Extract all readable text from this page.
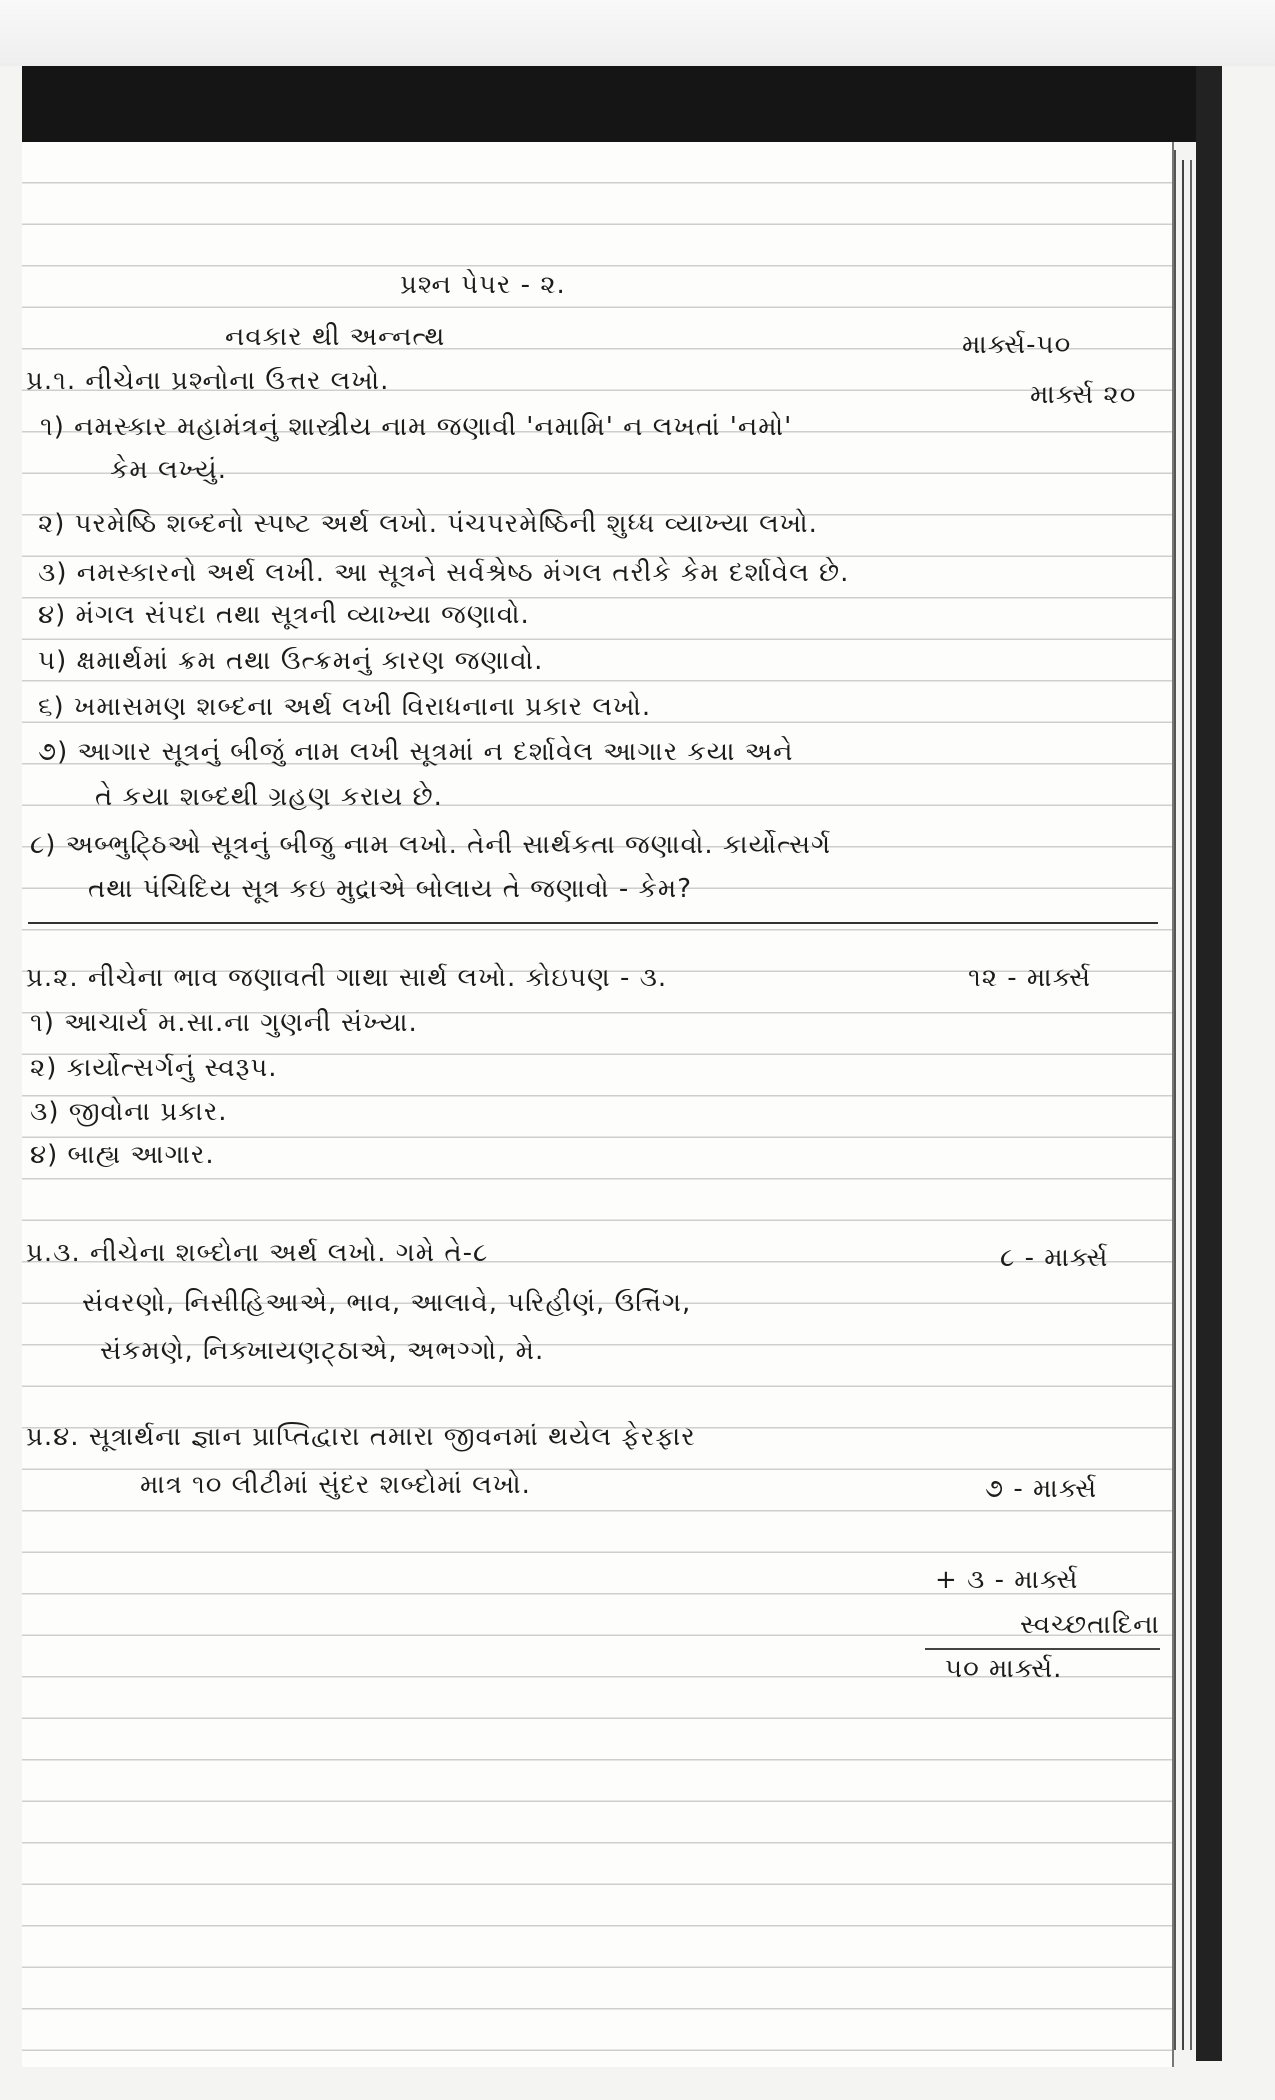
પ્રશ્ન પેપર - ૨.
નવકાર થી અન્નત્થ	માર્ક્સ-૫૦
પ્ર.૧. નીચેના પ્રશ્નોના ઉત્તર લખો.	માર્ક્સ ૨૦
૧) નમસ્કાર મહામંત્રનું શાસ્ત્રીય નામ જણાવી 'નમામિ' ન લખતાં 'નમો'
કેમ લખ્યું.
૨) પરમેષ્ઠિ શબ્દનો સ્પષ્ટ અર્થ લખો. પંચપરમેષ્ઠિની શુધ્ધ વ્યાખ્યા લખો.
૩) નમસ્કારનો અર્થ લખી. આ સૂત્રને સર્વશ્રેષ્ઠ મંગલ તરીકે કેમ દર્શાવેલ છે.
૪) મંગલ સંપદા તથા સૂત્રની વ્યાખ્યા જણાવો.
૫) ક્ષમાર્થમાં ક્રમ તથા ઉત્ક્રમનું કારણ જણાવો.
૬) ખમાસમણ શબ્દના અર્થ લખી વિરાધનાના પ્રકાર લખો.
૭) આગાર સૂત્રનું બીજું નામ લખી સૂત્રમાં ન દર્શાવેલ આગાર કયા અને
તે કયા શબ્દથી ગ્રહણ કરાય છે.
૮) અબ્ભુટ્ઠિઓ સૂત્રનું બીજુ નામ લખો. તેની સાર્થકતા જણાવો. કાર્યોત્સર્ગ
તથા પંચિદિય સૂત્ર કઇ મુદ્રાએ બોલાય તે જણાવો - કેમ?
પ્ર.૨. નીચેના ભાવ જણાવતી ગાથા સાર્થ લખો. કોઇપણ - ૩.	૧૨ - માર્ક્સ
૧) આચાર્ય મ.સા.ના ગુણની સંખ્યા.
૨) કાર્યોત્સર્ગનું સ્વરૂપ.
૩) જીવોના પ્રકાર.
૪) બાહ્ય આગાર.
પ્ર.૩. નીચેના શબ્દોના અર્થ લખો. ગમે તે-૮	૮ - માર્ક્સ
સંવરણો, નિસીહિઆએ, ભાવ, આલાવે, પરિહીણં, ઉત્તિંગ,
સંકમણે, નિક્ખાયણટ્ઠાએ, અભગ્ગો, મે.
પ્ર.૪. સૂત્રાર્થના જ્ઞાન પ્રાપ્તિદ્વારા તમારા જીવનમાં થયેલ ફેરફાર
માત્ર ૧૦ લીટીમાં સુંદર શબ્દોમાં લખો.	૭ - માર્ક્સ
+ ૩ - માર્ક્સ
સ્વચ્છતાદિના
૫૦ માર્ક્સ.
